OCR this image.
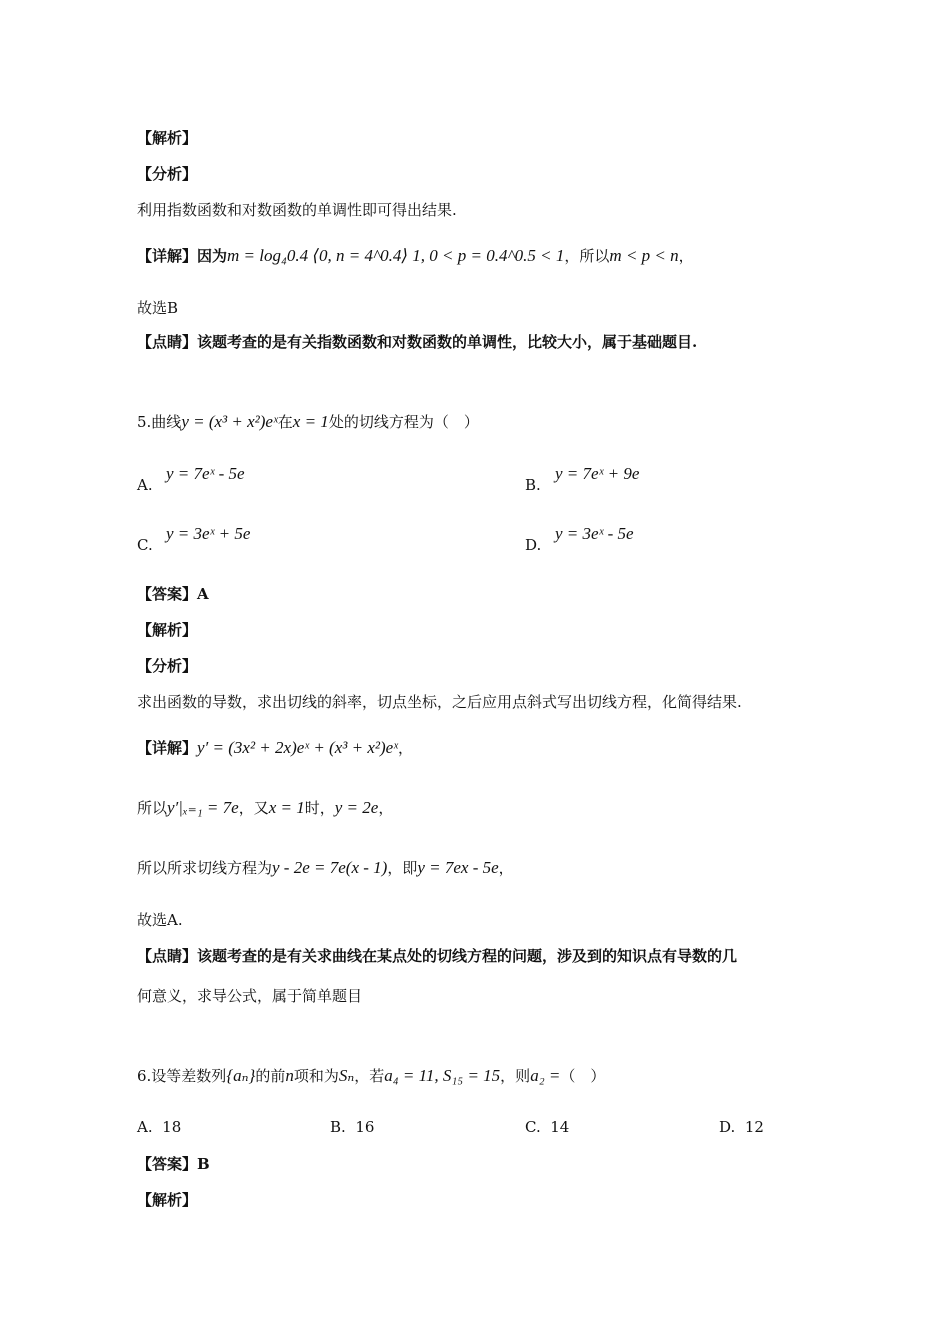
【解析】
【分析】
利用指数函数和对数函数的单调性即可得出结果.
【详解】因为m = log₄0.4 ⟨0, n = 4^0.4⟩ 1, 0 < p = 0.4^0.5 < 1，所以m < p < n，
故选B
【点睛】该题考查的是有关指数函数和对数函数的单调性，比较大小，属于基础题目.
5.曲线y = (x³ + x²)eˣ在x = 1处的切线方程为（　）
A.
y = 7eˣ - 5e
B.
y = 7eˣ + 9e
C.
y = 3eˣ + 5e
D.
y = 3eˣ - 5e
【答案】A
【解析】
【分析】
求出函数的导数，求出切线的斜率，切点坐标，之后应用点斜式写出切线方程，化简得结果.
【详解】y′ = (3x² + 2x)eˣ + (x³ + x²)eˣ，
所以y′|ₓ₌₁ = 7e，又x = 1时，y = 2e，
所以所求切线方程为y - 2e = 7e(x - 1)，即y = 7ex - 5e，
故选A.
【点睛】该题考查的是有关求曲线在某点处的切线方程的问题，涉及到的知识点有导数的几
何意义，求导公式，属于简单题目
6.设等差数列{aₙ}的前n项和为Sₙ，若a₄ = 11, S₁₅ = 15，则a₂ =（　）
A. 18	B. 16	C. 14	D. 12
【答案】B
【解析】
